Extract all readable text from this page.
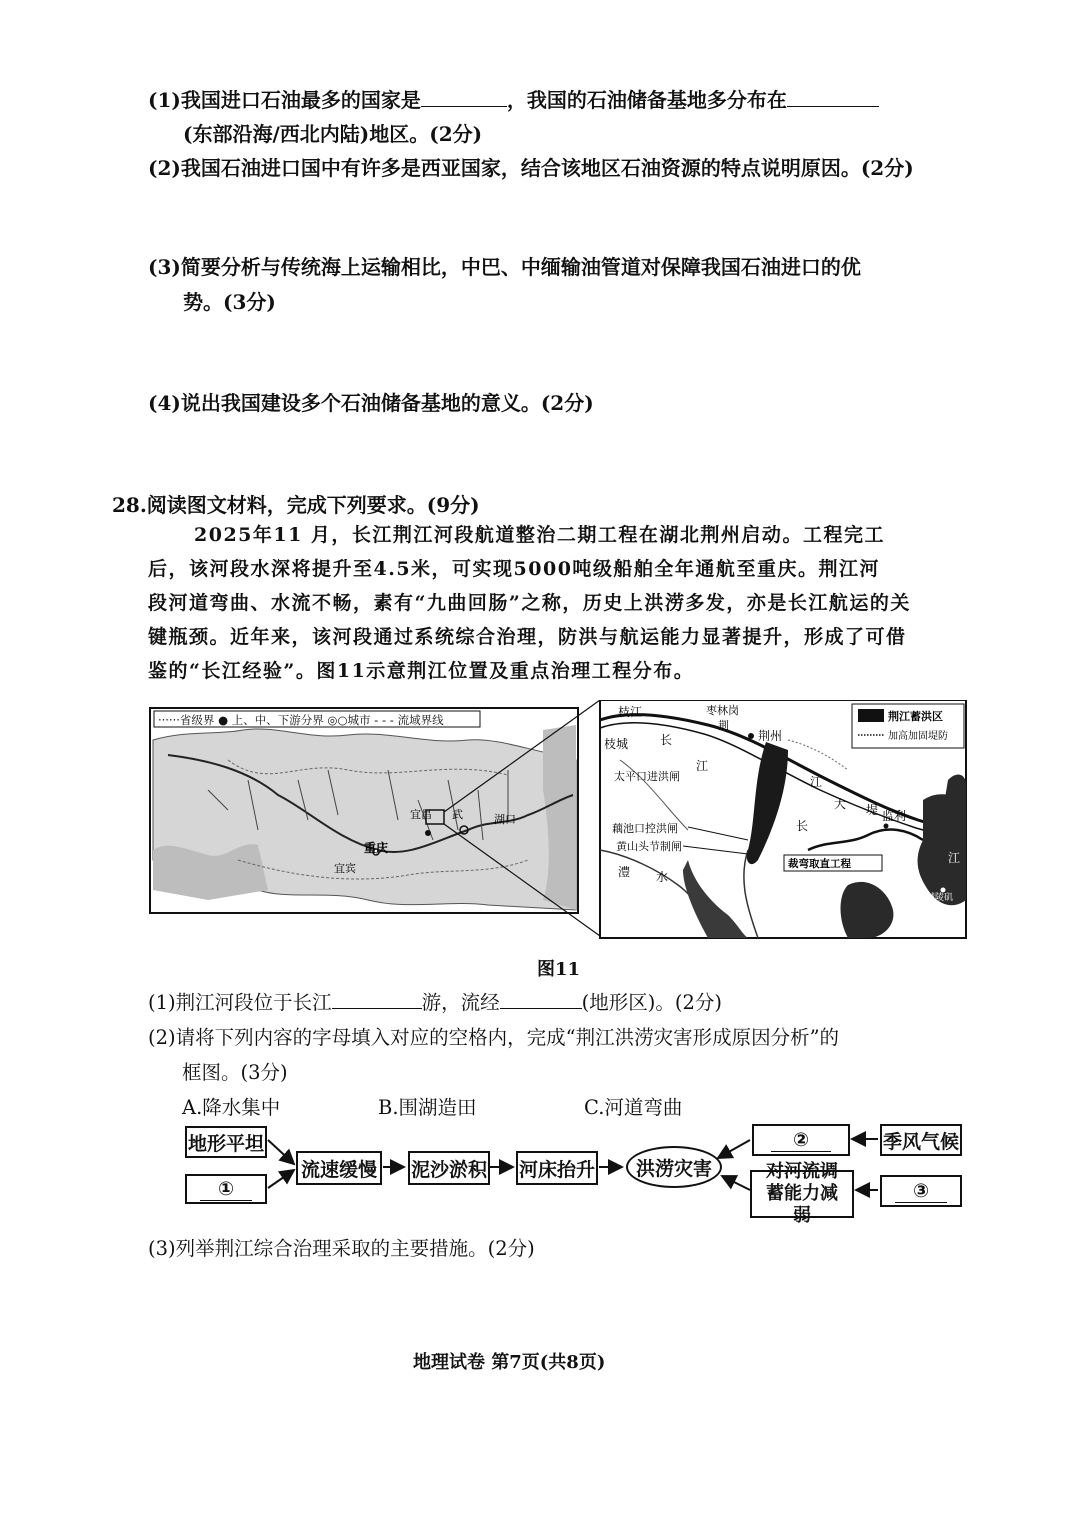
(1)我国进口石油最多的国家是	，我国的石油储备基地多分布在
(东部沿海/西北内陆)地区。(2分)
(2)我国石油进口国中有许多是西亚国家，结合该地区石油资源的特点说明原因。(2分)
(3)简要分析与传统海上运输相比，中巴、中缅输油管道对保障我国石油进口的优
势。(3分)
(4)说出我国建设多个石油储备基地的意义。(2分)
28.阅读图文材料，完成下列要求。(9分)
2025年11 月，长江荆江河段航道整治二期工程在湖北荆州启动。工程完工
后，该河段水深将提升至4.5米，可实现5000吨级船舶全年通航至重庆。荆江河
段河道弯曲、水流不畅，素有“九曲回肠”之称，历史上洪涝多发，亦是长江航运的关
键瓶颈。近年来，该河段通过系统综合治理，防洪与航运能力显著提升，形成了可借
鉴的“长江经验”。图11示意荆江位置及重点治理工程分布。
······省级界 ● 上、中、下游分界 ◎○城市 - - - 流域界线
宜昌 武
重庆
宜宾
湖口
荆江蓄洪区
加高加固堤防
枝江	枣林岗
荆
荆州
枝城	长
江
太平口进洪闸	江
大 堤 监利
藕池口控洪闸
黄山头节制闸
长
裁弯取直工程
澧 水
江
城陵矶
图11
(1)荆江河段位于长江	游，流经	(地形区)。(2分)
(2)请将下列内容的字母填入对应的空格内，完成“荆江洪涝灾害形成原因分析”的
框图。(3分)
A.降水集中	B.围湖造田	C.河道弯曲
地形平坦
①
流速缓慢 泥沙淤积 河床抬升	洪涝灾害
②	季风气候
对河流调蓄能力减弱
③
(3)列举荆江综合治理采取的主要措施。(2分)
地理试卷 第7页(共8页)
